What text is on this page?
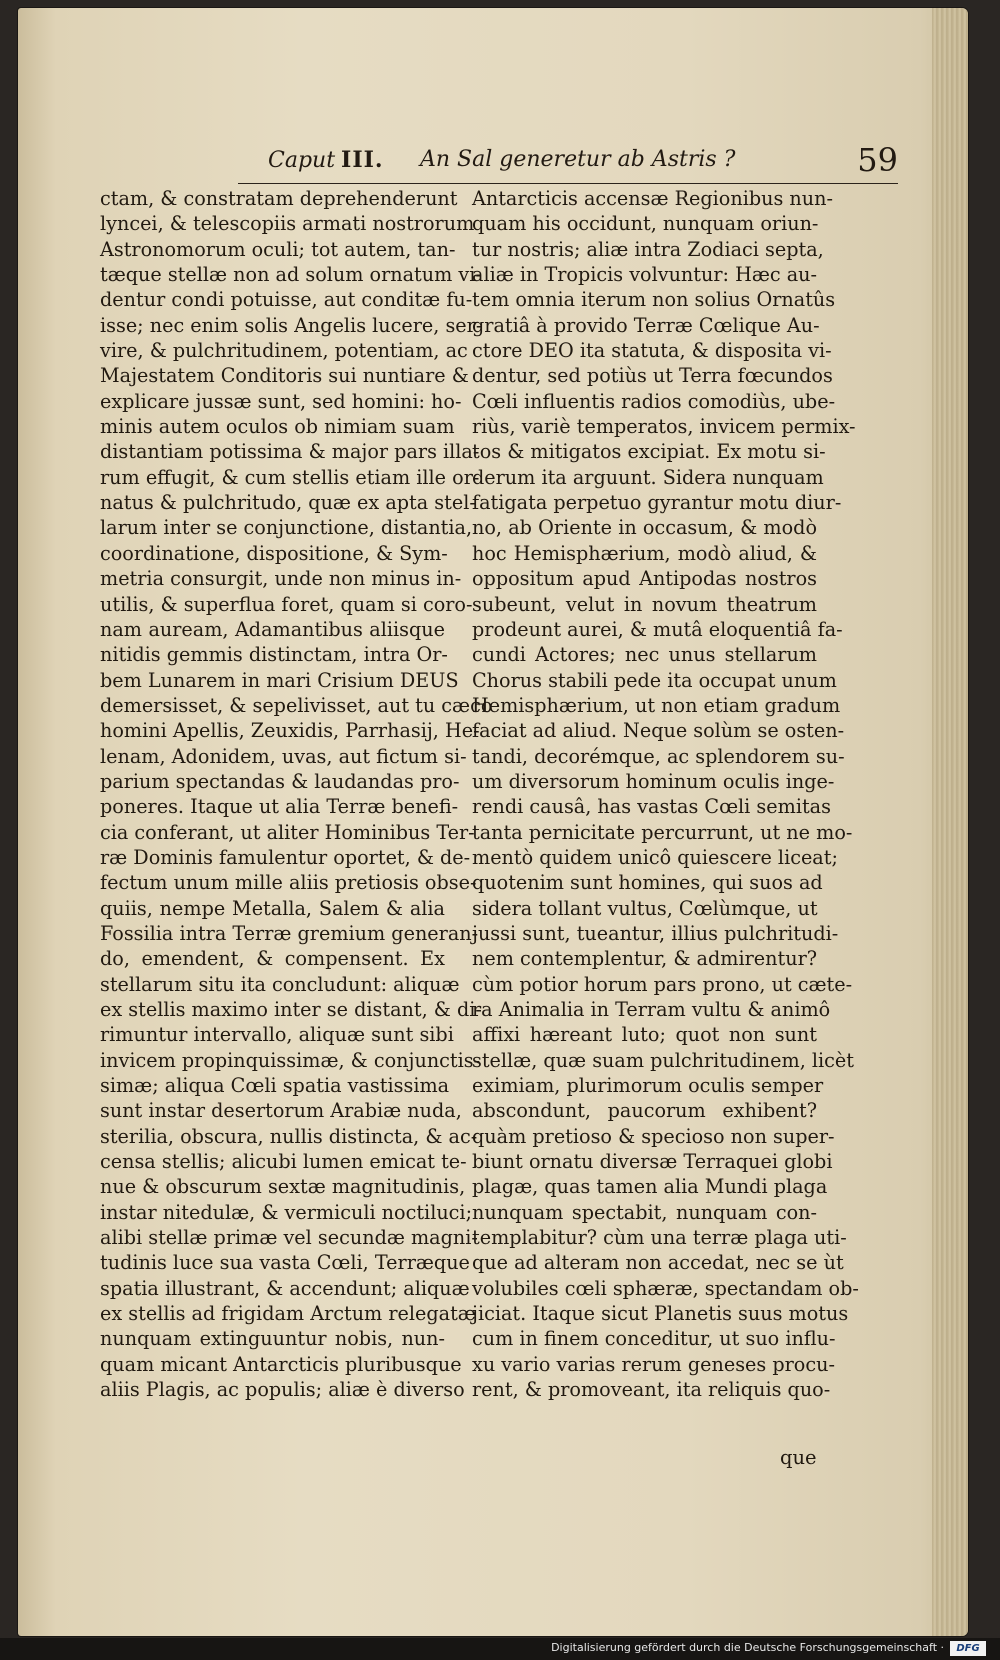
Caput III. An Sal generetur ab Astris ?	59
ctam, & constratam deprehenderunt
lyncei, & telescopiis armati nostrorum
Astronomorum oculi; tot autem, tan-
tæque stellæ non ad solum ornatum vi-
dentur condi potuisse, aut conditæ fu-
isse; nec enim solis Angelis lucere, ser-
vire, & pulchritudinem, potentiam, ac
Majestatem Conditoris sui nuntiare &
explicare jussæ sunt, sed homini: ho-
minis autem oculos ob nimiam suam
distantiam potissima & major pars illa-
rum effugit, & cum stellis etiam ille or-
natus & pulchritudo, quæ ex apta stel-
larum inter se conjunctione, distantia,
coordinatione, dispositione, & Sym-
metria consurgit, unde non minus in-
utilis, & superflua foret, quam si coro-
nam auream, Adamantibus aliisque
nitidis gemmis distinctam, intra Or-
bem Lunarem in mari Crisium DEUS
demersisset, & sepelivisset, aut tu cæco
homini Apellis, Zeuxidis, Parrhasij, He-
lenam, Adonidem, uvas, aut fictum si-
parium spectandas & laudandas pro-
poneres. Itaque ut alia Terræ benefi-
cia conferant, ut aliter Hominibus Ter-
ræ Dominis famulentur oportet, & de-
fectum unum mille aliis pretiosis obse-
quiis, nempe Metalla, Salem & alia
Fossilia intra Terræ gremium generan-
do, emendent, & compensent. Ex
stellarum situ ita concludunt: aliquæ
ex stellis maximo inter se distant, & di-
rimuntur intervallo, aliquæ sunt sibi
invicem propinquissimæ, & conjunctis-
simæ; aliqua Cœli spatia vastissima
sunt instar desertorum Arabiæ nuda,
sterilia, obscura, nullis distincta, & ac-
censa stellis; alicubi lumen emicat te-
nue & obscurum sextæ magnitudinis,
instar nitedulæ, & vermiculi noctiluci;
alibi stellæ primæ vel secundæ magni-
tudinis luce sua vasta Cœli, Terræque
spatia illustrant, & accendunt; aliquæ
ex stellis ad frigidam Arctum relegatæ
nunquam extinguuntur nobis, nun-
quam micant Antarcticis pluribusque
aliis Plagis, ac populis; aliæ è diverso
Antarcticis accensæ Regionibus nun-
quam his occidunt, nunquam oriun-
tur nostris; aliæ intra Zodiaci septa,
aliæ in Tropicis volvuntur: Hæc au-
tem omnia iterum non solius Ornatûs
gratiâ à provido Terræ Cœlique Au-
ctore DEO ita statuta, & disposita vi-
dentur, sed potiùs ut Terra fœcundos
Cœli influentis radios comodiùs, ube-
riùs, variè temperatos, invicem permix-
tos & mitigatos excipiat. Ex motu si-
derum ita arguunt. Sidera nunquam
fatigata perpetuo gyrantur motu diur-
no, ab Oriente in occasum, & modò
hoc Hemisphærium, modò aliud, &
oppositum apud Antipodas nostros
subeunt, velut in novum theatrum
prodeunt aurei, & mutâ eloquentiâ fa-
cundi Actores; nec unus stellarum
Chorus stabili pede ita occupat unum
Hemisphærium, ut non etiam gradum
faciat ad aliud. Neque solùm se osten-
tandi, decorémque, ac splendorem su-
um diversorum hominum oculis inge-
rendi causâ, has vastas Cœli semitas
tanta pernicitate percurrunt, ut ne mo-
mentò quidem unicô quiescere liceat;
quotenim sunt homines, qui suos ad
sidera tollant vultus, Cœlùmque, ut
jussi sunt, tueantur, illius pulchritudi-
nem contemplentur, & admirentur?
cùm potior horum pars prono, ut cæte-
ra Animalia in Terram vultu & animô
affixi hæreant luto; quot non sunt
stellæ, quæ suam pulchritudinem, licèt
eximiam, plurimorum oculis semper
abscondunt, paucorum exhibent?
quàm pretioso & specioso non super-
biunt ornatu diversæ Terraquei globi
plagæ, quas tamen alia Mundi plaga
nunquam spectabit, nunquam con-
templabitur? cùm una terræ plaga uti-
que ad alteram non accedat, nec se ùt
volubiles cœli sphæræ, spectandam ob-
jiciat. Itaque sicut Planetis suus motus
cum in finem conceditur, ut suo influ-
xu vario varias rerum geneses procu-
rent, & promoveant, ita reliquis quo-
que
Digitalisierung gefördert durch die Deutsche Forschungsgemeinschaft ·	DFG
